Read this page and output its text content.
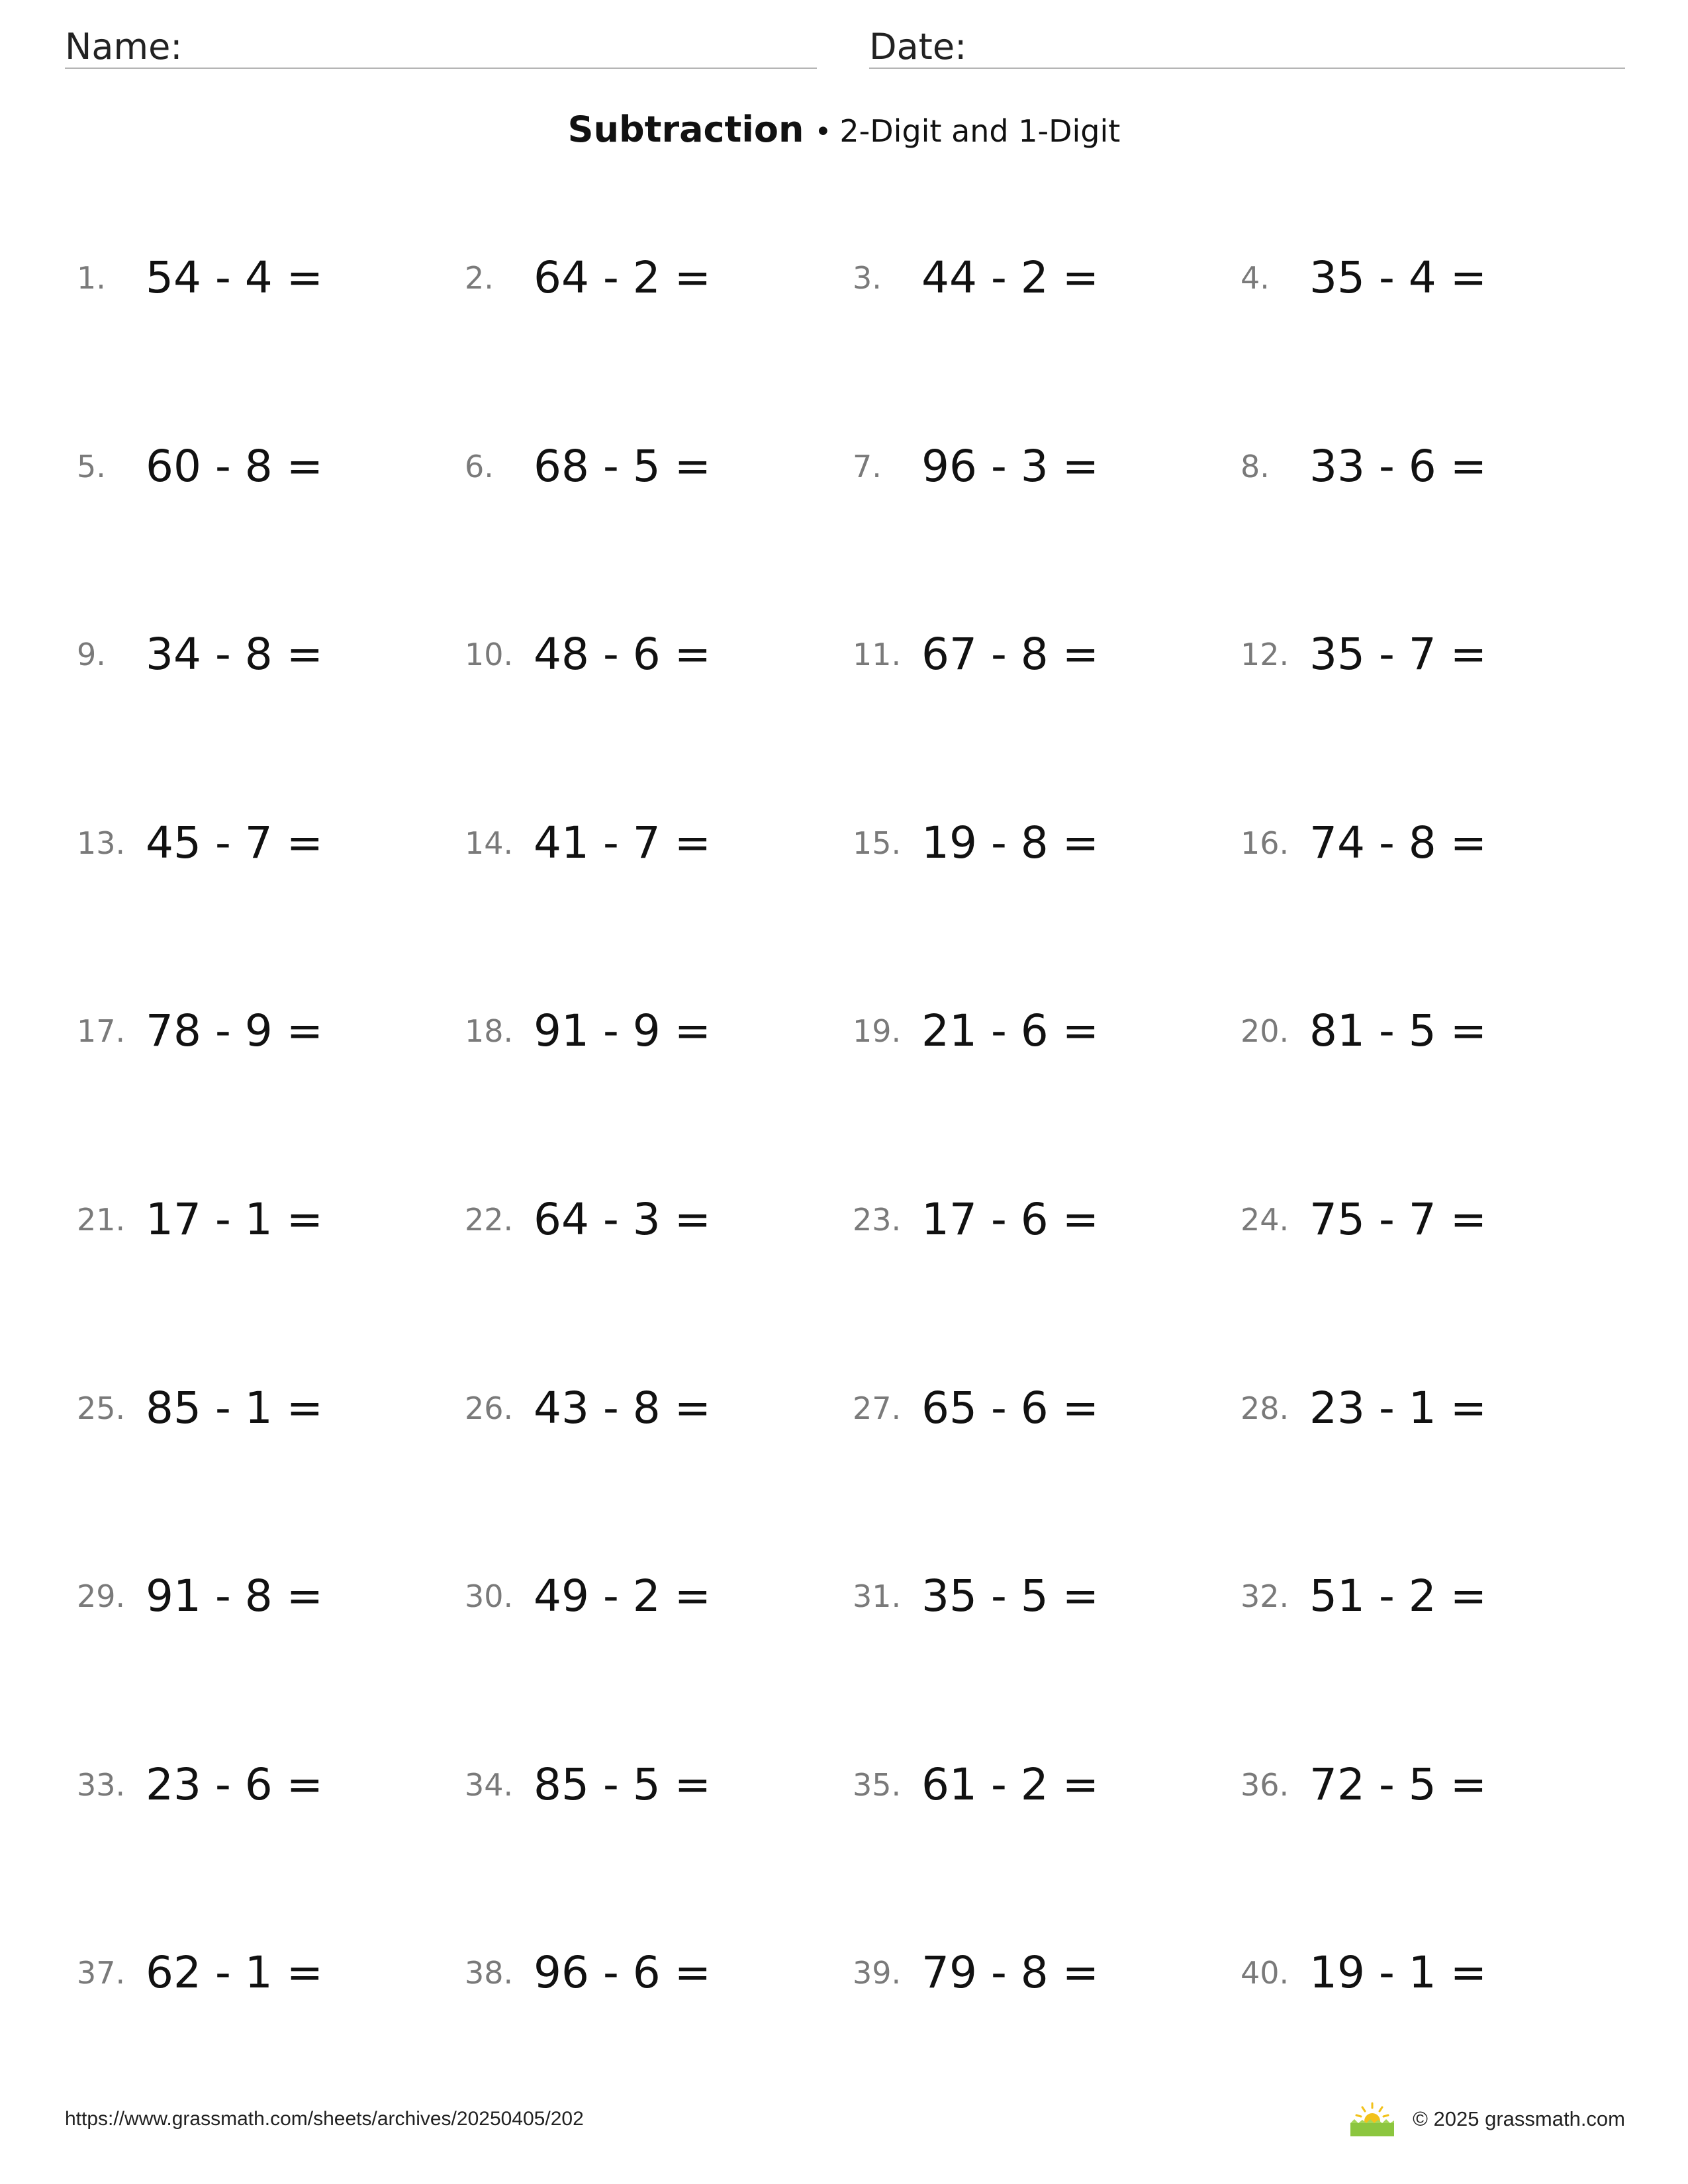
Name:	Date:
Subtraction • 2-Digit and 1-Digit
1. 54 - 4 =	2. 64 - 2 =	3. 44 - 2 =	4. 35 - 4 =
5. 60 - 8 =	6. 68 - 5 =	7. 96 - 3 =	8. 33 - 6 =
9. 34 - 8 =	10. 48 - 6 =	11. 67 - 8 =	12. 35 - 7 =
13. 45 - 7 =	14. 41 - 7 =	15. 19 - 8 =	16. 74 - 8 =
17. 78 - 9 =	18. 91 - 9 =	19. 21 - 6 =	20. 81 - 5 =
21. 17 - 1 =	22. 64 - 3 =	23. 17 - 6 =	24. 75 - 7 =
25. 85 - 1 =	26. 43 - 8 =	27. 65 - 6 =	28. 23 - 1 =
29. 91 - 8 =	30. 49 - 2 =	31. 35 - 5 =	32. 51 - 2 =
33. 23 - 6 =	34. 85 - 5 =	35. 61 - 2 =	36. 72 - 5 =
37. 62 - 1 =	38. 96 - 6 =	39. 79 - 8 =	40. 19 - 1 =
https://www.grassmath.com/sheets/archives/20250405/202	© 2025 grassmath.com
